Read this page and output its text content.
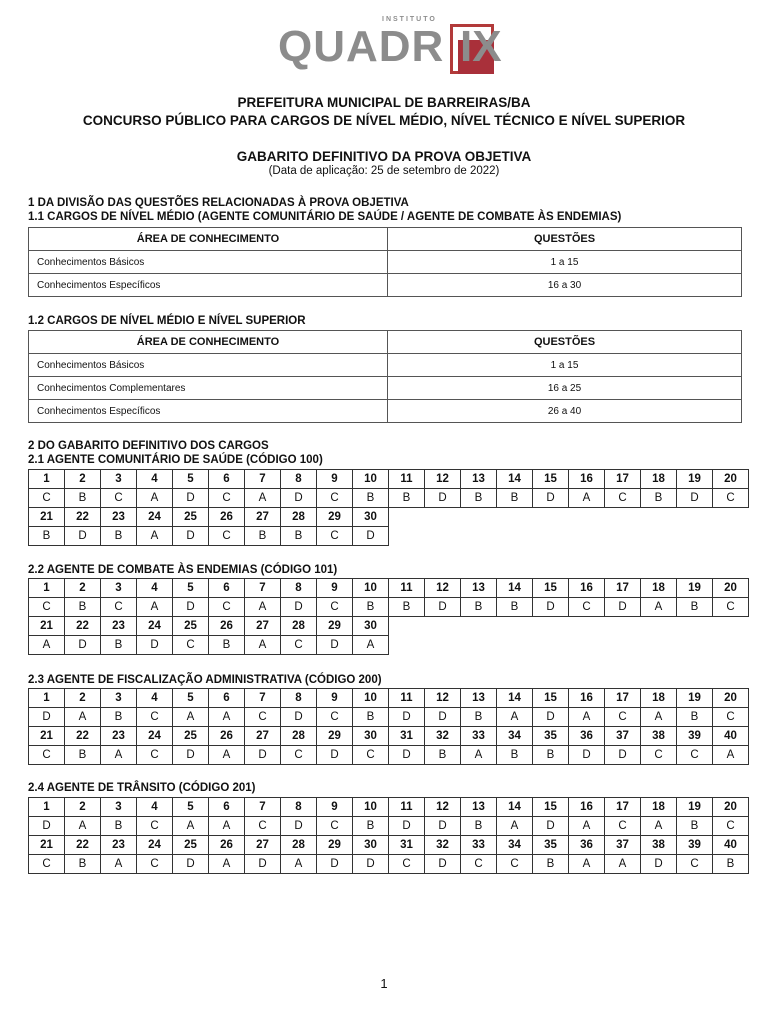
INSTITUTO
QUADR IX
PREFEITURA MUNICIPAL DE BARREIRAS/BA
CONCURSO PÚBLICO PARA CARGOS DE NÍVEL MÉDIO, NÍVEL TÉCNICO E NÍVEL SUPERIOR
GABARITO DEFINITIVO DA PROVA OBJETIVA
(Data de aplicação: 25 de setembro de 2022)
1 DA DIVISÃO DAS QUESTÕES RELACIONADAS À PROVA OBJETIVA
1.1 CARGOS DE NÍVEL MÉDIO (AGENTE COMUNITÁRIO DE SAÚDE / AGENTE DE COMBATE ÀS ENDEMIAS)
ÁREA DE CONHECIMENTO	QUESTÕES
Conhecimentos Básicos	1 a 15
Conhecimentos Específicos	16 a 30
1.2 CARGOS DE NÍVEL MÉDIO E NÍVEL SUPERIOR
ÁREA DE CONHECIMENTO	QUESTÕES
Conhecimentos Básicos	1 a 15
Conhecimentos Complementares	16 a 25
Conhecimentos Específicos	26 a 40
2 DO GABARITO DEFINITIVO DOS CARGOS
2.1 AGENTE COMUNITÁRIO DE SAÚDE (CÓDIGO 100)
1	2	3	4	5	6	7	8	9	10	11	12	13	14	15	16	17	18	19	20
C	B	C	A	D	C	A	D	C	B	B	D	B	B	D	A	C	B	D	C
21	22	23	24	25	26	27	28	29	30										
B	D	B	A	D	C	B	B	C	D										
2.2 AGENTE DE COMBATE ÀS ENDEMIAS (CÓDIGO 101)
1	2	3	4	5	6	7	8	9	10	11	12	13	14	15	16	17	18	19	20
C	B	C	A	D	C	A	D	C	B	B	D	B	B	D	C	D	A	B	C
21	22	23	24	25	26	27	28	29	30										
A	D	B	D	C	B	A	C	D	A										
2.3 AGENTE DE FISCALIZAÇÃO ADMINISTRATIVA (CÓDIGO 200)
1	2	3	4	5	6	7	8	9	10	11	12	13	14	15	16	17	18	19	20
D	A	B	C	A	A	C	D	C	B	D	D	B	A	D	A	C	A	B	C
21	22	23	24	25	26	27	28	29	30	31	32	33	34	35	36	37	38	39	40
C	B	A	C	D	A	D	C	D	C	D	B	A	B	B	D	D	C	C	A
2.4 AGENTE DE TRÂNSITO (CÓDIGO 201)
1	2	3	4	5	6	7	8	9	10	11	12	13	14	15	16	17	18	19	20
D	A	B	C	A	A	C	D	C	B	D	D	B	A	D	A	C	A	B	C
21	22	23	24	25	26	27	28	29	30	31	32	33	34	35	36	37	38	39	40
C	B	A	C	D	A	D	A	D	D	C	D	C	C	B	A	A	D	C	B
1
